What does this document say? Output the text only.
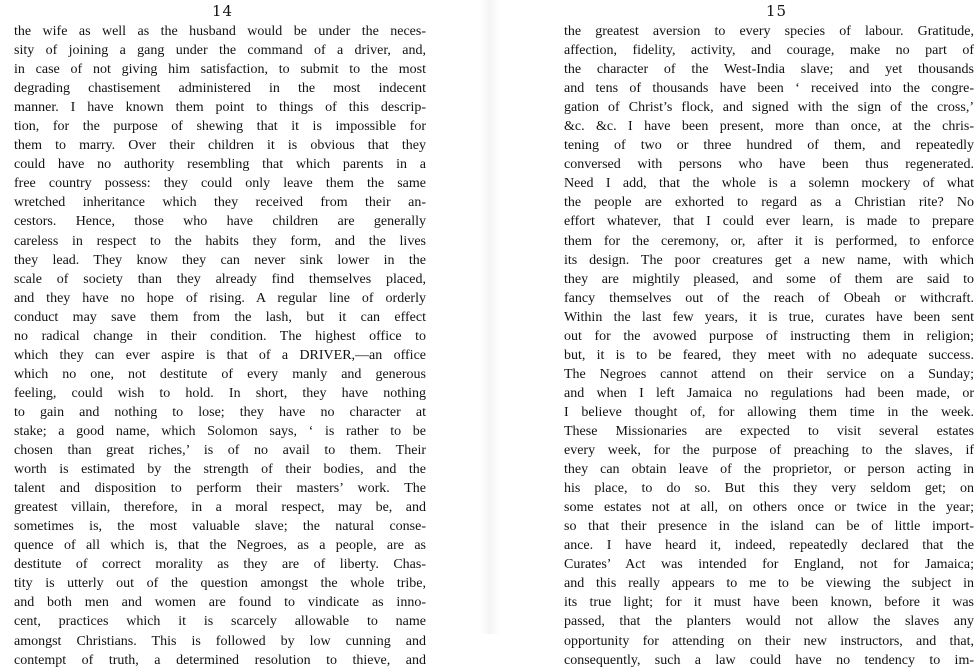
14
the wife as well as the husband would be under the neces-
sity of joining a gang under the command of a driver, and,
in case of not giving him satisfaction, to submit to the most
degrading chastisement administered in the most indecent
manner. I have known them point to things of this descrip-
tion, for the purpose of shewing that it is impossible for
them to marry. Over their children it is obvious that they
could have no authority resembling that which parents in a
free country possess: they could only leave them the same
wretched inheritance which they received from their an-
cestors. Hence, those who have children are generally
careless in respect to the habits they form, and the lives
they lead. They know they can never sink lower in the
scale of society than they already find themselves placed,
and they have no hope of rising. A regular line of orderly
conduct may save them from the lash, but it can effect
no radical change in their condition. The highest office to
which they can ever aspire is that of a DRIVER,—an office
which no one, not destitute of every manly and generous
feeling, could wish to hold. In short, they have nothing
to gain and nothing to lose; they have no character at
stake; a good name, which Solomon says, ‘ is rather to be
chosen than great riches,’ is of no avail to them. Their
worth is estimated by the strength of their bodies, and the
talent and disposition to perform their masters’ work. The
greatest villain, therefore, in a moral respect, may be, and
sometimes is, the most valuable slave; the natural conse-
quence of all which is, that the Negroes, as a people, are as
destitute of correct morality as they are of liberty. Chas-
tity is utterly out of the question amongst the whole tribe,
and both men and women are found to vindicate as inno-
cent, practices which it is scarcely allowable to name
amongst Christians. This is followed by low cunning and
contempt of truth, a determined resolution to thieve, and
15
the greatest aversion to every species of labour. Gratitude,
affection, fidelity, activity, and courage, make no part of
the character of the West-India slave; and yet thousands
and tens of thousands have been ‘ received into the congre-
gation of Christ’s flock, and signed with the sign of the cross,’
&c. &c. I have been present, more than once, at the chris-
tening of two or three hundred of them, and repeatedly
conversed with persons who have been thus regenerated.
Need I add, that the whole is a solemn mockery of what
the people are exhorted to regard as a Christian rite? No
effort whatever, that I could ever learn, is made to prepare
them for the ceremony, or, after it is performed, to enforce
its design. The poor creatures get a new name, with which
they are mightily pleased, and some of them are said to
fancy themselves out of the reach of Obeah or withcraft.
Within the last few years, it is true, curates have been sent
out for the avowed purpose of instructing them in religion;
but, it is to be feared, they meet with no adequate success.
The Negroes cannot attend on their service on a Sunday;
and when I left Jamaica no regulations had been made, or
I believe thought of, for allowing them time in the week.
These Missionaries are expected to visit several estates
every week, for the purpose of preaching to the slaves, if
they can obtain leave of the proprietor, or person acting in
his place, to do so. But this they very seldom get; on
some estates not at all, on others once or twice in the year;
so that their presence in the island can be of little import-
ance. I have heard it, indeed, repeatedly declared that the
Curates’ Act was intended for England, not for Jamaica;
and this really appears to me to be viewing the subject in
its true light; for it must have been known, before it was
passed, that the planters would not allow the slaves any
opportunity for attending on their new instructors, and that,
consequently, such a law could have no tendency to im-
